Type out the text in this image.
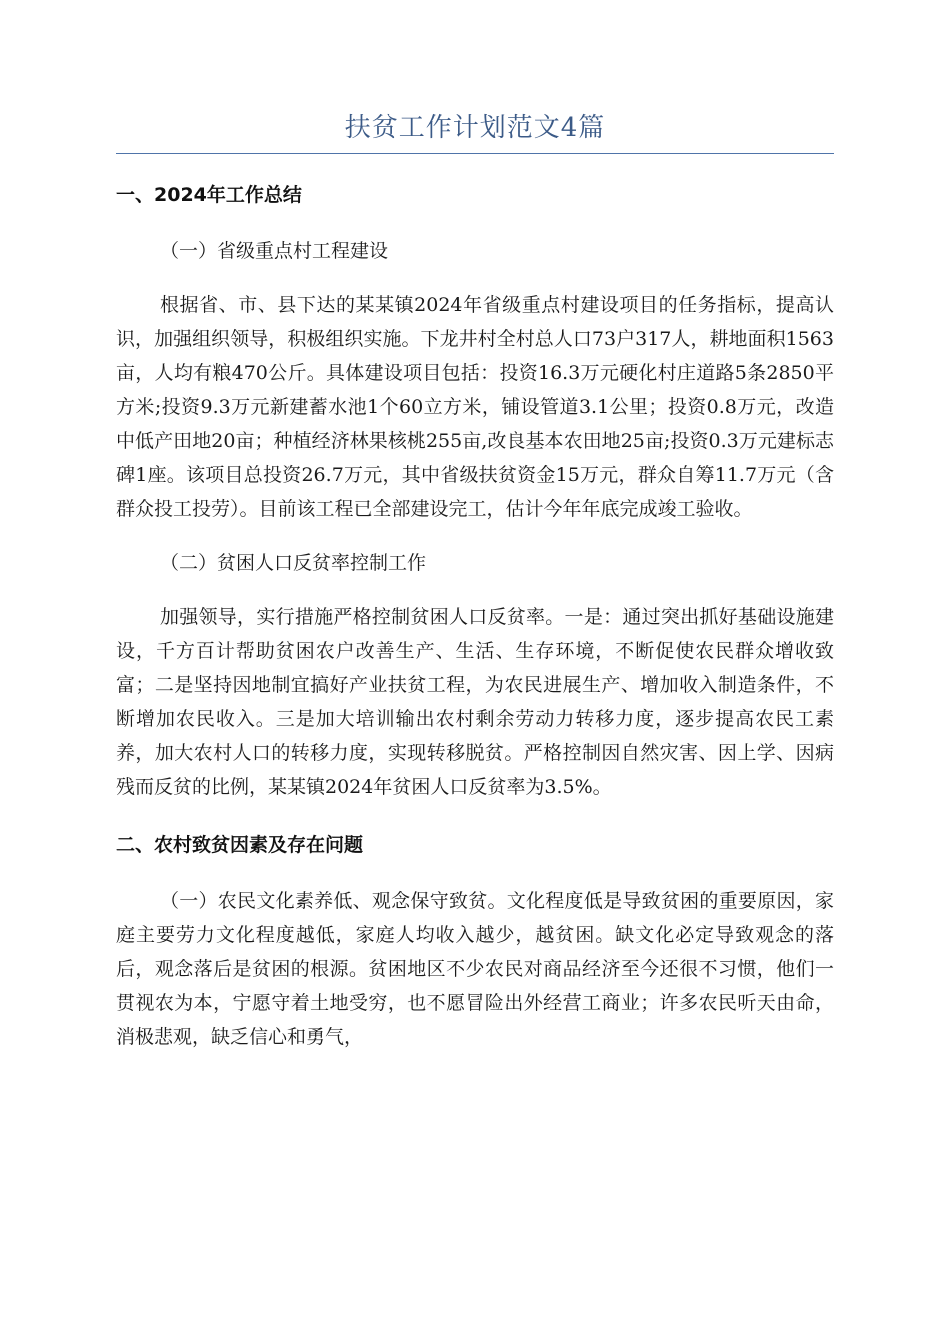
扶贫工作计划范文4篇
一、2024年工作总结
（一）省级重点村工程建设

根据省、市、县下达的某某镇2024年省级重点村建设项目的任务指标，提高认识，加强组织领导，积极组织实施。下龙井村全村总人口73户317人，耕地面积1563亩，人均有粮470公斤。具体建设项目包括：投资16.3万元硬化村庄道路5条2850平方米;投资9.3万元新建蓄水池1个60立方米，铺设管道3.1公里；投资0.8万元，改造中低产田地20亩；种植经济林果核桃255亩,改良基本农田地25亩;投资0.3万元建标志碑1座。该项目总投资26.7万元，其中省级扶贫资金15万元，群众自筹11.7万元（含群众投工投劳）。目前该工程已全部建设完工，估计今年年底完成竣工验收。

（二）贫困人口反贫率控制工作

加强领导，实行措施严格控制贫困人口反贫率。一是：通过突出抓好基础设施建设，千方百计帮助贫困农户改善生产、生活、生存环境，不断促使农民群众增收致富；二是坚持因地制宜搞好产业扶贫工程，为农民进展生产、增加收入制造条件，不断增加农民收入。三是加大培训输出农村剩余劳动力转移力度，逐步提高农民工素养，加大农村人口的转移力度，实现转移脱贫。严格控制因自然灾害、因上学、因病残而反贫的比例，某某镇2024年贫困人口反贫率为3.5%。

二、农村致贫因素及存在问题

（一）农民文化素养低、观念保守致贫。文化程度低是导致贫困的重要原因，家庭主要劳力文化程度越低，家庭人均收入越少，越贫困。缺文化必定导致观念的落后，观念落后是贫困的根源。贫困地区不少农民对商品经济至今还很不习惯，他们一贯视农为本，宁愿守着土地受穷，也不愿冒险出外经营工商业；许多农民听天由命，消极悲观，缺乏信心和勇气，
